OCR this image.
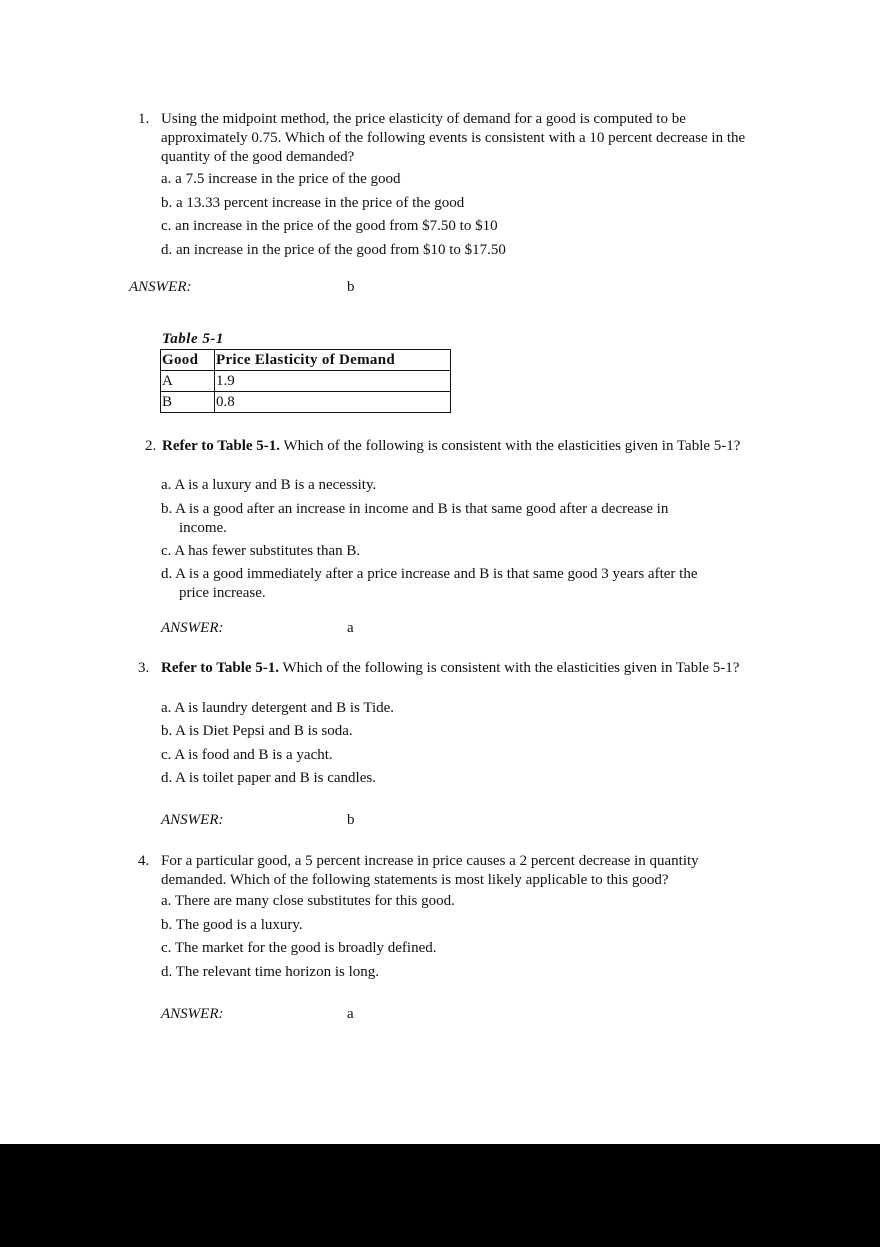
1. Using the midpoint method, the price elasticity of demand for a good is computed to be approximately 0.75. Which of the following events is consistent with a 10 percent decrease in the quantity of the good demanded?
a. a 7.5 increase in the price of the good
b. a 13.33 percent increase in the price of the good
c. an increase in the price of the good from $7.50 to $10
d. an increase in the price of the good from $10 to $17.50
ANSWER:	b
Table 5-1
Good	Price Elasticity of Demand
A	1.9
B	0.8
2. Refer to Table 5-1. Which of the following is consistent with the elasticities given in Table 5-1?
a. A is a luxury and B is a necessity.
b. A is a good after an increase in income and B is that same good after a decrease in
income.
c. A has fewer substitutes than B.
d. A is a good immediately after a price increase and B is that same good 3 years after the
price increase.
ANSWER:	a
3. Refer to Table 5-1. Which of the following is consistent with the elasticities given in Table 5-1?
a. A is laundry detergent and B is Tide.
b. A is Diet Pepsi and B is soda.
c. A is food and B is a yacht.
d. A is toilet paper and B is candles.
ANSWER:	b
4. For a particular good, a 5 percent increase in price causes a 2 percent decrease in quantity demanded. Which of the following statements is most likely applicable to this good?
a. There are many close substitutes for this good.
b. The good is a luxury.
c. The market for the good is broadly defined.
d. The relevant time horizon is long.
ANSWER:	a
